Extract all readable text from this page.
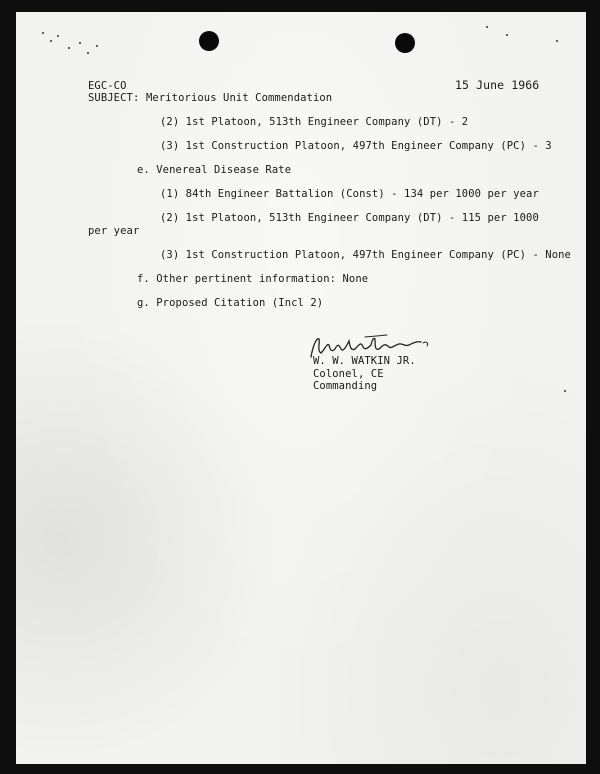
EGC-CO	15 June 1966
SUBJECT: Meritorious Unit Commendation
(2) 1st Platoon, 513th Engineer Company (DT) - 2
(3) 1st Construction Platoon, 497th Engineer Company (PC) - 3
e. Venereal Disease Rate
(1) 84th Engineer Battalion (Const) - 134 per 1000 per year
(2) 1st Platoon, 513th Engineer Company (DT) - 115 per 1000
per year
(3) 1st Construction Platoon, 497th Engineer Company (PC) - None
f. Other pertinent information: None
g. Proposed Citation (Incl 2)
W. W. WATKIN JR.
Colonel, CE
Commanding
